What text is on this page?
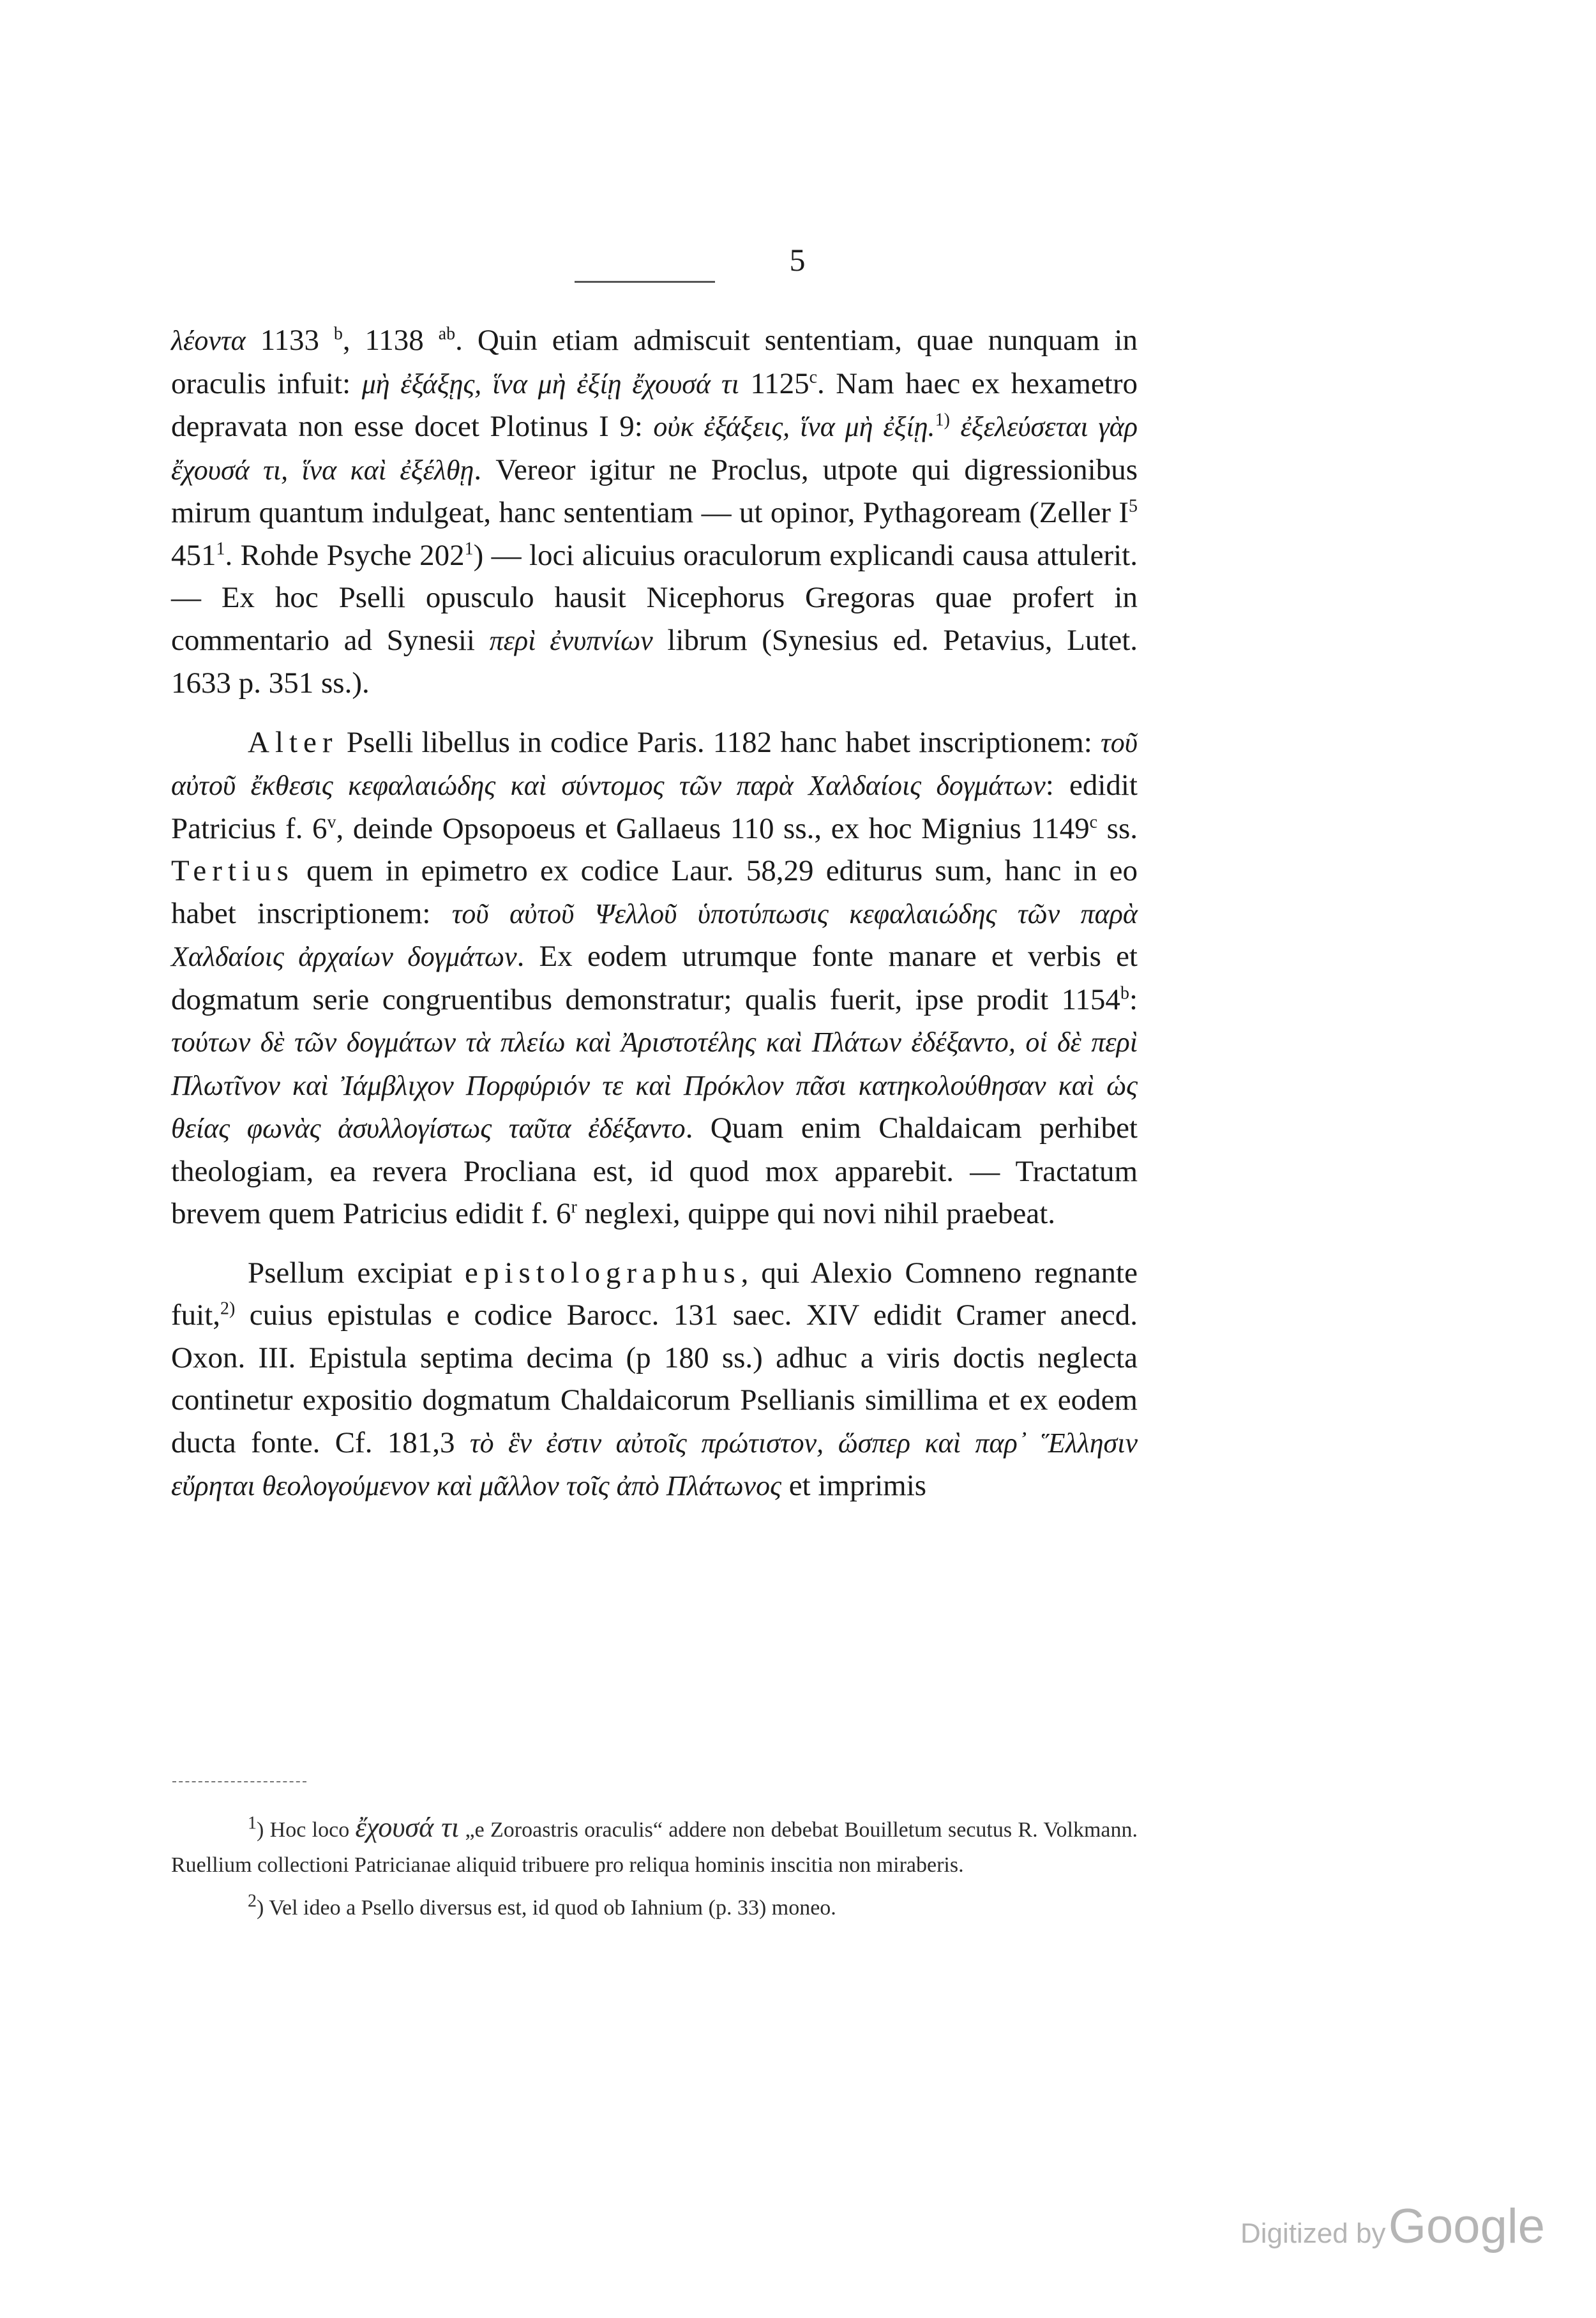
5

λέοντα 1133 $^b$, 1138 $^{ab}$. Quin etiam admiscuit sententiam, quae nunquam in oraculis infuit: μὴ ἐξάξῃς, ἵνα μὴ ἐξίῃ ἔχουσά τι 1125$^c$. Nam haec ex hexametro depravata non esse docet Plotinus I 9: οὐκ ἐξάξεις, ἵνα μὴ ἐξίῃ.$^{1)}$ ἐξελεύσεται γὰρ ἔχουσά τι, ἵνα καὶ ἐξέλθῃ. Vereor igitur ne Proclus, utpote qui digressionibus mirum quantum indulgeat, hanc sententiam — ut opinor, Pythagoream (Zeller $I^5$ $451^1$. Rohde Psyche $202^1$) — loci alicuius oraculorum explicandi causa attulerit. — Ex hoc Pselli opusculo hausit Nicephorus Gregoras quae profert in commentario ad Synesii περὶ ἐνυπνίων librum (Synesius ed. Petavius, Lutet. 1633 p. 351 ss.).

Alter Pselli libellus in codice Paris. 1182 hanc habet inscriptionem: τοῦ αὐτοῦ ἔκθεσις κεφαλαιώδης καὶ σύντομος τῶν παρὰ Χαλδαίοις δογμάτων: edidit Patricius f. 6$^v$, deinde Opsopoeus et Gallaeus 110 ss., ex hoc Mignius 1149$^c$ ss. Tertius quem in epimetro ex codice Laur. 58,29 editurus sum, hanc in eo habet inscriptionem: τοῦ αὐτοῦ Ψελλοῦ ὑποτύπωσις κεφαλαιώδης τῶν παρὰ Χαλδαίοις ἀρχαίων δογμάτων. Ex eodem utrumque fonte manare et verbis et dogmatum serie congruentibus demonstratur; qualis fuerit, ipse prodit 1154$^b$: τούτων δὲ τῶν δογμάτων τὰ πλείω καὶ Ἀριστοτέλης καὶ Πλάτων ἐδέξαντο, οἱ δὲ περὶ Πλωτῖνον καὶ Ἰάμβλιχον Πορφύριόν τε καὶ Πρόκλον πᾶσι κατηκολούθησαν καὶ ὡς θείας φωνὰς ἀσυλλογίστως ταῦτα ἐδέξαντο. Quam enim Chaldaicam perhibet theologiam, ea revera Procliana est, id quod mox apparebit. — Tractatum brevem quem Patricius edidit f. 6$^r$ neglexi, quippe qui novi nihil praebeat.

Psellum excipiat epistolographus, qui Alexio Comneno regnante fuit,$^{2)}$ cuius epistulas e codice Barocc. 131 saec. XIV edidit Cramer anecd. Oxon. III. Epistula septima decima (p 180 ss.) adhuc a viris doctis neglecta continetur expositio dogmatum Chaldaicorum Psellianis simillima et ex eodem ducta fonte. Cf. 181,3 τὸ ἓν ἐστιν αὐτοῖς πρώτιστον, ὥσπερ καὶ παρ᾽ Ἕλλησιν εὔρηται θεολογούμενον καὶ μᾶλλον τοῖς ἀπὸ Πλάτωνος et imprimis

$^1$) Hoc loco ἔχουσά τι „e Zoroastris oraculis“ addere non debebat Bouilletum secutus R. Volkmann. Ruellium collectioni Patricianae aliquid tribuere pro reliqua hominis inscitia non miraberis.

$^2$) Vel ideo a Psello diversus est, id quod ob Iahnium (p. 33) moneo.

Digitized by Google
